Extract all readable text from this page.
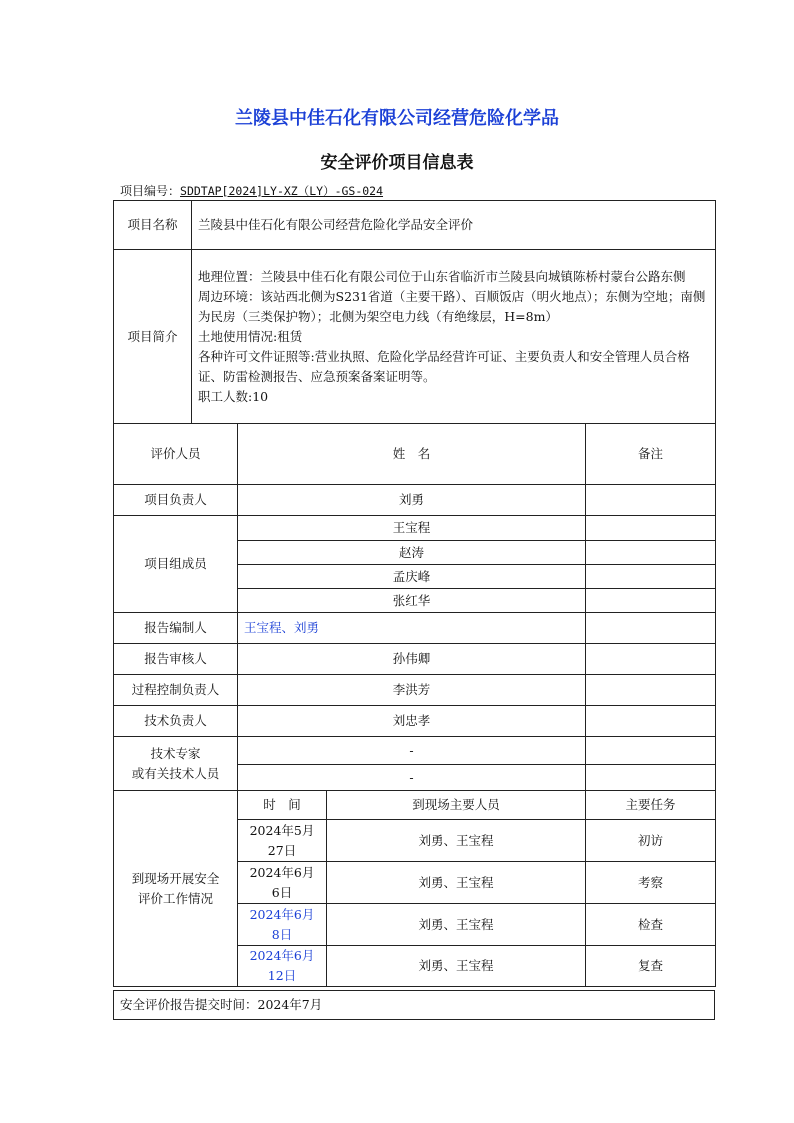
兰陵县中佳石化有限公司经营危险化学品
安全评价项目信息表
项目编号：SDDTAP[2024]LY-XZ（LY）-GS-024
项目名称	兰陵县中佳石化有限公司经营危险化学品安全评价
项目简介	地理位置：兰陵县中佳石化有限公司位于山东省临沂市兰陵县向城镇陈桥村蒙台公路东侧

周边环境：该站西北侧为S231省道（主要干路）、百顺饭店（明火地点）；东侧为空地；南侧为民房（三类保护物）；北侧为架空电力线（有绝缘层，H=8m）

土地使用情况:租赁

各种许可文件证照等:营业执照、危险化学品经营许可证、主要负责人和安全管理人员合格证、防雷检测报告、应急预案备案证明等。

职工人数:10

评价人员	姓　名		备注
项目负责人	刘勇		
项目组成员	王宝程		
	赵涛		
	孟庆峰		
	张红华		
报告编制人	王宝程、刘勇		
报告审核人	孙伟卿		
过程控制负责人	李洪芳		
技术负责人	刘忠孝		
技术专家
或有关技术人员	-		
	-		
到现场开展安全
评价工作情况	时　间	到现场主要人员	主要任务
	2024年5月
27日	刘勇、王宝程	初访
	2024年6月
6日	刘勇、王宝程	考察
	2024年6月
8日	刘勇、王宝程	检查
	2024年6月
12日	刘勇、王宝程	复查
安全评价报告提交时间：2024年7月
